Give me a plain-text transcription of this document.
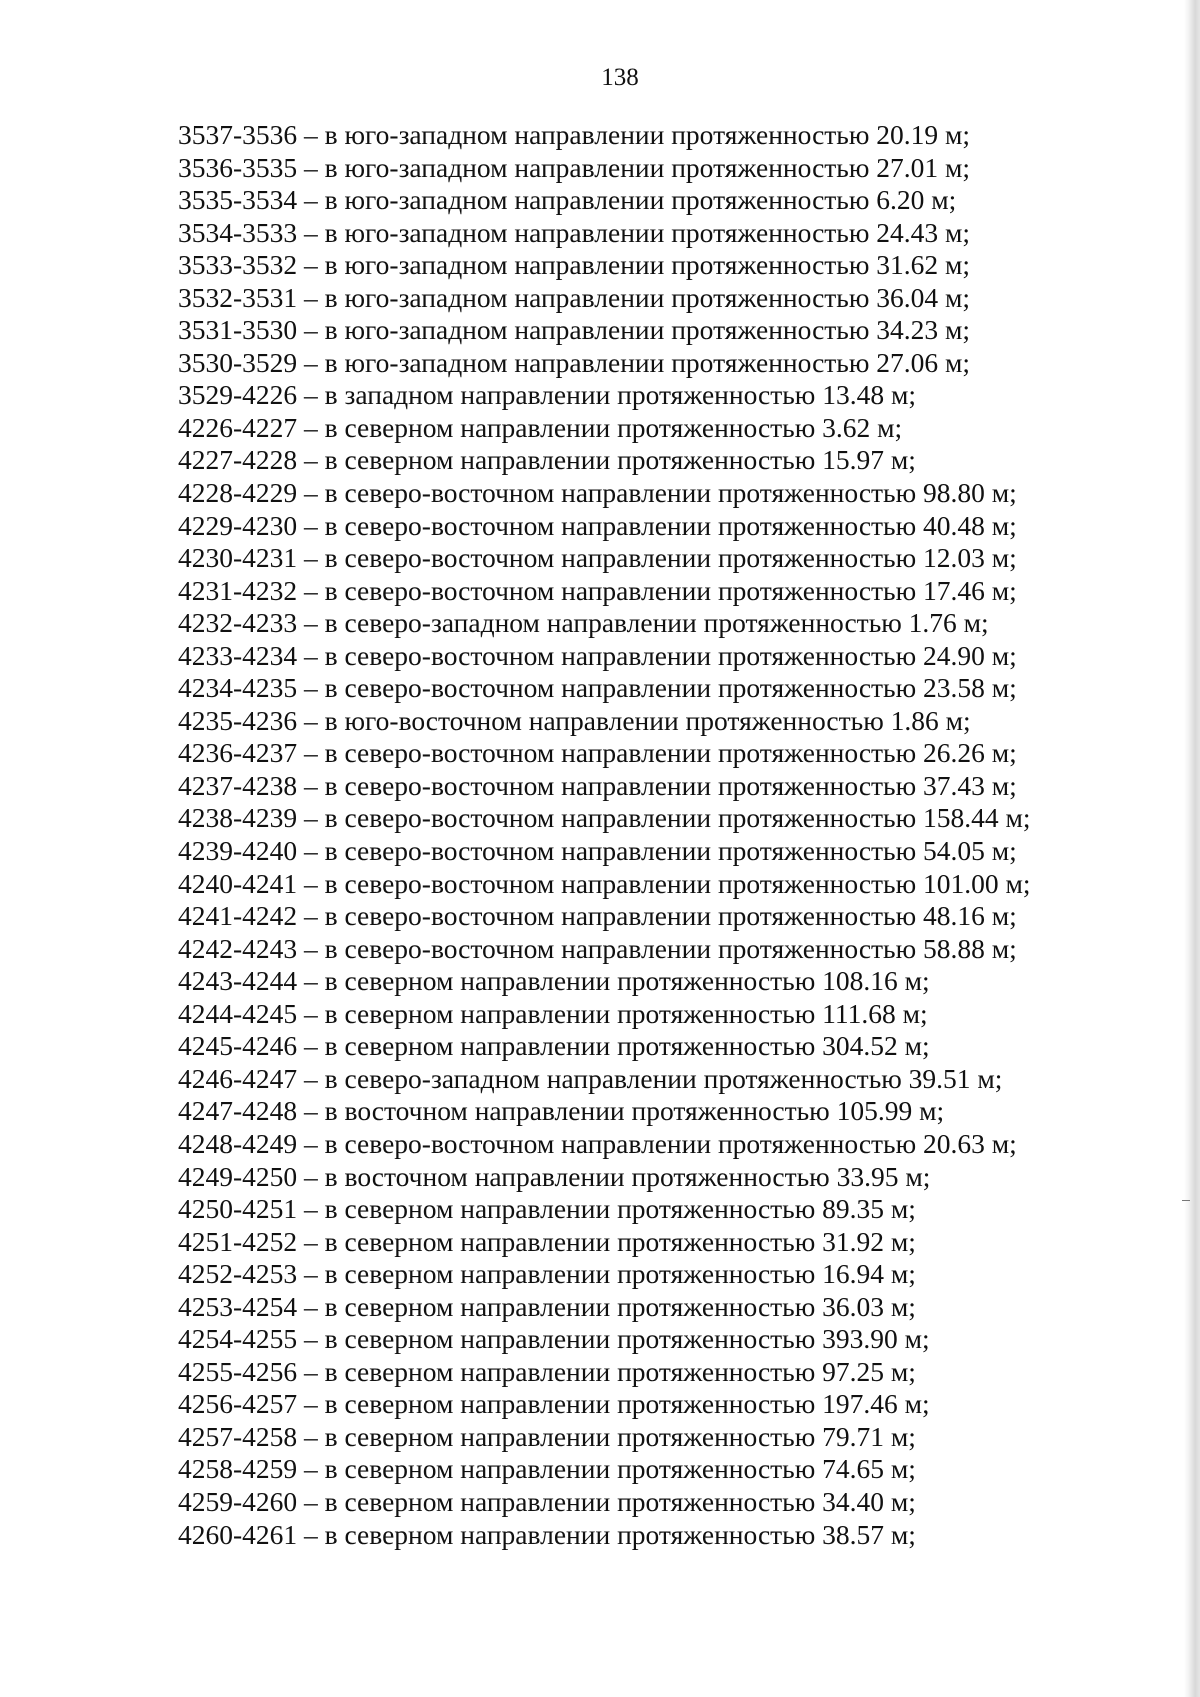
138
3537-3536 – в юго-западном направлении протяженностью 20.19 м;
3536-3535 – в юго-западном направлении протяженностью 27.01 м;
3535-3534 – в юго-западном направлении протяженностью 6.20 м;
3534-3533 – в юго-западном направлении протяженностью 24.43 м;
3533-3532 – в юго-западном направлении протяженностью 31.62 м;
3532-3531 – в юго-западном направлении протяженностью 36.04 м;
3531-3530 – в юго-западном направлении протяженностью 34.23 м;
3530-3529 – в юго-западном направлении протяженностью 27.06 м;
3529-4226 – в западном направлении протяженностью 13.48 м;
4226-4227 – в северном направлении протяженностью 3.62 м;
4227-4228 – в северном направлении протяженностью 15.97 м;
4228-4229 – в северо-восточном направлении протяженностью 98.80 м;
4229-4230 – в северо-восточном направлении протяженностью 40.48 м;
4230-4231 – в северо-восточном направлении протяженностью 12.03 м;
4231-4232 – в северо-восточном направлении протяженностью 17.46 м;
4232-4233 – в северо-западном направлении протяженностью 1.76 м;
4233-4234 – в северо-восточном направлении протяженностью 24.90 м;
4234-4235 – в северо-восточном направлении протяженностью 23.58 м;
4235-4236 – в юго-восточном направлении протяженностью 1.86 м;
4236-4237 – в северо-восточном направлении протяженностью 26.26 м;
4237-4238 – в северо-восточном направлении протяженностью 37.43 м;
4238-4239 – в северо-восточном направлении протяженностью 158.44 м;
4239-4240 – в северо-восточном направлении протяженностью 54.05 м;
4240-4241 – в северо-восточном направлении протяженностью 101.00 м;
4241-4242 – в северо-восточном направлении протяженностью 48.16 м;
4242-4243 – в северо-восточном направлении протяженностью 58.88 м;
4243-4244 – в северном направлении протяженностью 108.16 м;
4244-4245 – в северном направлении протяженностью 111.68 м;
4245-4246 – в северном направлении протяженностью 304.52 м;
4246-4247 – в северо-западном направлении протяженностью 39.51 м;
4247-4248 – в восточном направлении протяженностью 105.99 м;
4248-4249 – в северо-восточном направлении протяженностью 20.63 м;
4249-4250 – в восточном направлении протяженностью 33.95 м;
4250-4251 – в северном направлении протяженностью 89.35 м;
4251-4252 – в северном направлении протяженностью 31.92 м;
4252-4253 – в северном направлении протяженностью 16.94 м;
4253-4254 – в северном направлении протяженностью 36.03 м;
4254-4255 – в северном направлении протяженностью 393.90 м;
4255-4256 – в северном направлении протяженностью 97.25 м;
4256-4257 – в северном направлении протяженностью 197.46 м;
4257-4258 – в северном направлении протяженностью 79.71 м;
4258-4259 – в северном направлении протяженностью 74.65 м;
4259-4260 – в северном направлении протяженностью 34.40 м;
4260-4261 – в северном направлении протяженностью 38.57 м;
